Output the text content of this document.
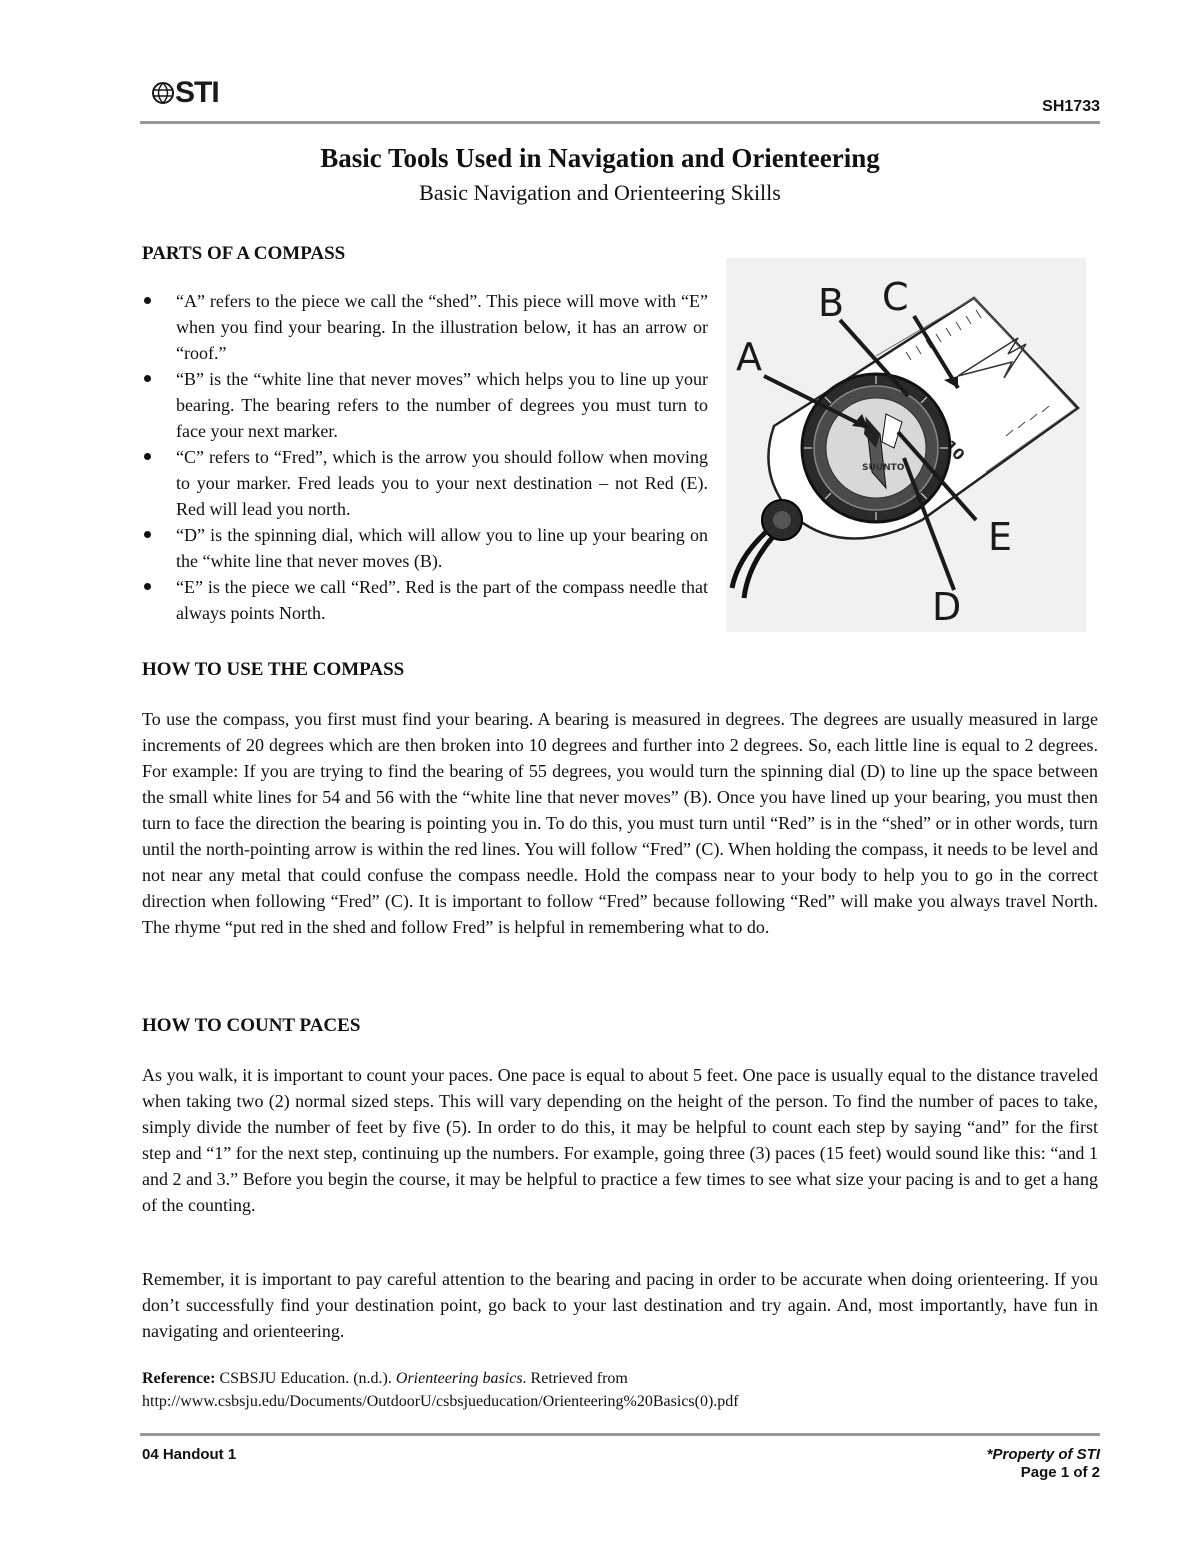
STI	SH1733
Basic Tools Used in Navigation and Orienteering
Basic Navigation and Orienteering Skills
PARTS OF A COMPASS
“A” refers to the piece we call the “shed”. This piece will move with “E” when you find your bearing. In the illustration below, it has an arrow or “roof.”
“B” is the “white line that never moves” which helps you to line up your bearing. The bearing refers to the number of degrees you must turn to face your next marker.
“C” refers to “Fred”, which is the arrow you should follow when moving to your marker. Fred leads you to your next destination – not Red (E). Red will lead you north.
“D” is the spinning dial, which will allow you to line up your bearing on the “white line that never moves (B).
“E” is the piece we call “Red”. Red is the part of the compass needle that always points North.
SUUNTO
A
B C
D
E
HOW TO USE THE COMPASS

To use the compass, you first must find your bearing. A bearing is measured in degrees. The degrees are usually measured in large increments of 20 degrees which are then broken into 10 degrees and further into 2 degrees. So, each little line is equal to 2 degrees. For example: If you are trying to find the bearing of 55 degrees, you would turn the spinning dial (D) to line up the space between the small white lines for 54 and 56 with the “white line that never moves” (B). Once you have lined up your bearing, you must then turn to face the direction the bearing is pointing you in. To do this, you must turn until “Red” is in the “shed” or in other words, turn until the north-pointing arrow is within the red lines. You will follow “Fred” (C). When holding the compass, it needs to be level and not near any metal that could confuse the compass needle. Hold the compass near to your body to help you to go in the correct direction when following “Fred” (C). It is important to follow “Fred” because following “Red” will make you always travel North. The rhyme “put red in the shed and follow Fred” is helpful in remembering what to do.

HOW TO COUNT PACES

As you walk, it is important to count your paces. One pace is equal to about 5 feet. One pace is usually equal to the distance traveled when taking two (2) normal sized steps. This will vary depending on the height of the person. To find the number of paces to take, simply divide the number of feet by five (5). In order to do this, it may be helpful to count each step by saying “and” for the first step and “1” for the next step, continuing up the numbers. For example, going three (3) paces (15 feet) would sound like this: “and 1 and 2 and 3.” Before you begin the course, it may be helpful to practice a few times to see what size your pacing is and to get a hang of the counting.

Remember, it is important to pay careful attention to the bearing and pacing in order to be accurate when doing orienteering. If you don’t successfully find your destination point, go back to your last destination and try again. And, most importantly, have fun in navigating and orienteering.

Reference: CSBSJU Education. (n.d.). Orienteering basics. Retrieved from
http://www.csbsju.edu/Documents/OutdoorU/csbsjueducation/Orienteering%20Basics(0).pdf
04 Handout 1	*Property of STI
Page 1 of 2
